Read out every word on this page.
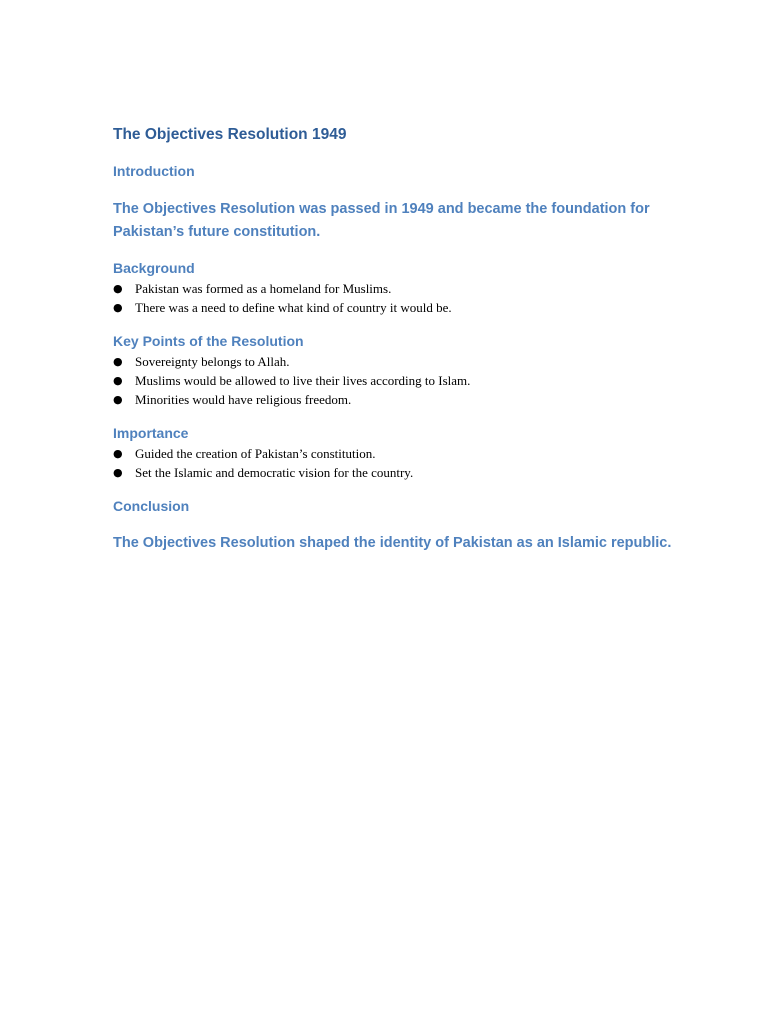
The Objectives Resolution 1949
Introduction

The Objectives Resolution was passed in 1949 and became the foundation for Pakistan’s future constitution.

Background
● Pakistan was formed as a homeland for Muslims.
● There was a need to define what kind of country it would be.
Key Points of the Resolution
● Sovereignty belongs to Allah.
● Muslims would be allowed to live their lives according to Islam.
● Minorities would have religious freedom.
Importance
● Guided the creation of Pakistan’s constitution.
● Set the Islamic and democratic vision for the country.
Conclusion

The Objectives Resolution shaped the identity of Pakistan as an Islamic republic.
